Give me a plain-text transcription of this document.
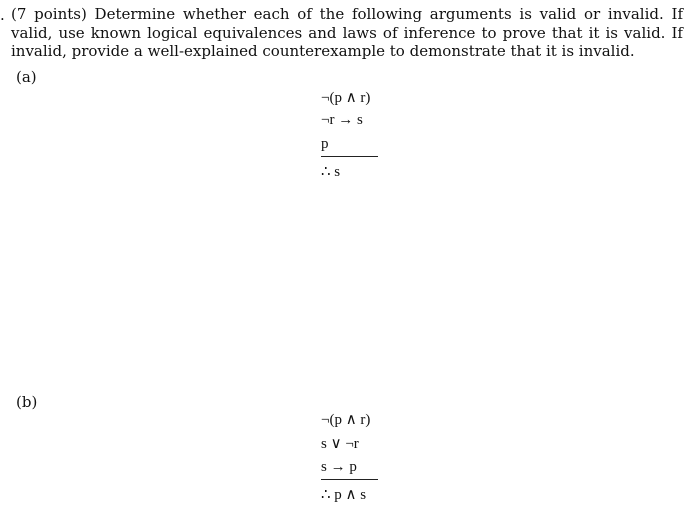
. (7 points) Determine whether each of the following arguments is valid or invalid. If valid, use known logical equivalences and laws of inference to prove that it is valid. If invalid, provide a well-explained counterexample to demonstrate that it is invalid.

(a)
¬(p ∧ r)
¬r → s
p
∴ s
(b)
¬(p ∧ r)
s ∨ ¬r
s → p
∴ p ∧ s
